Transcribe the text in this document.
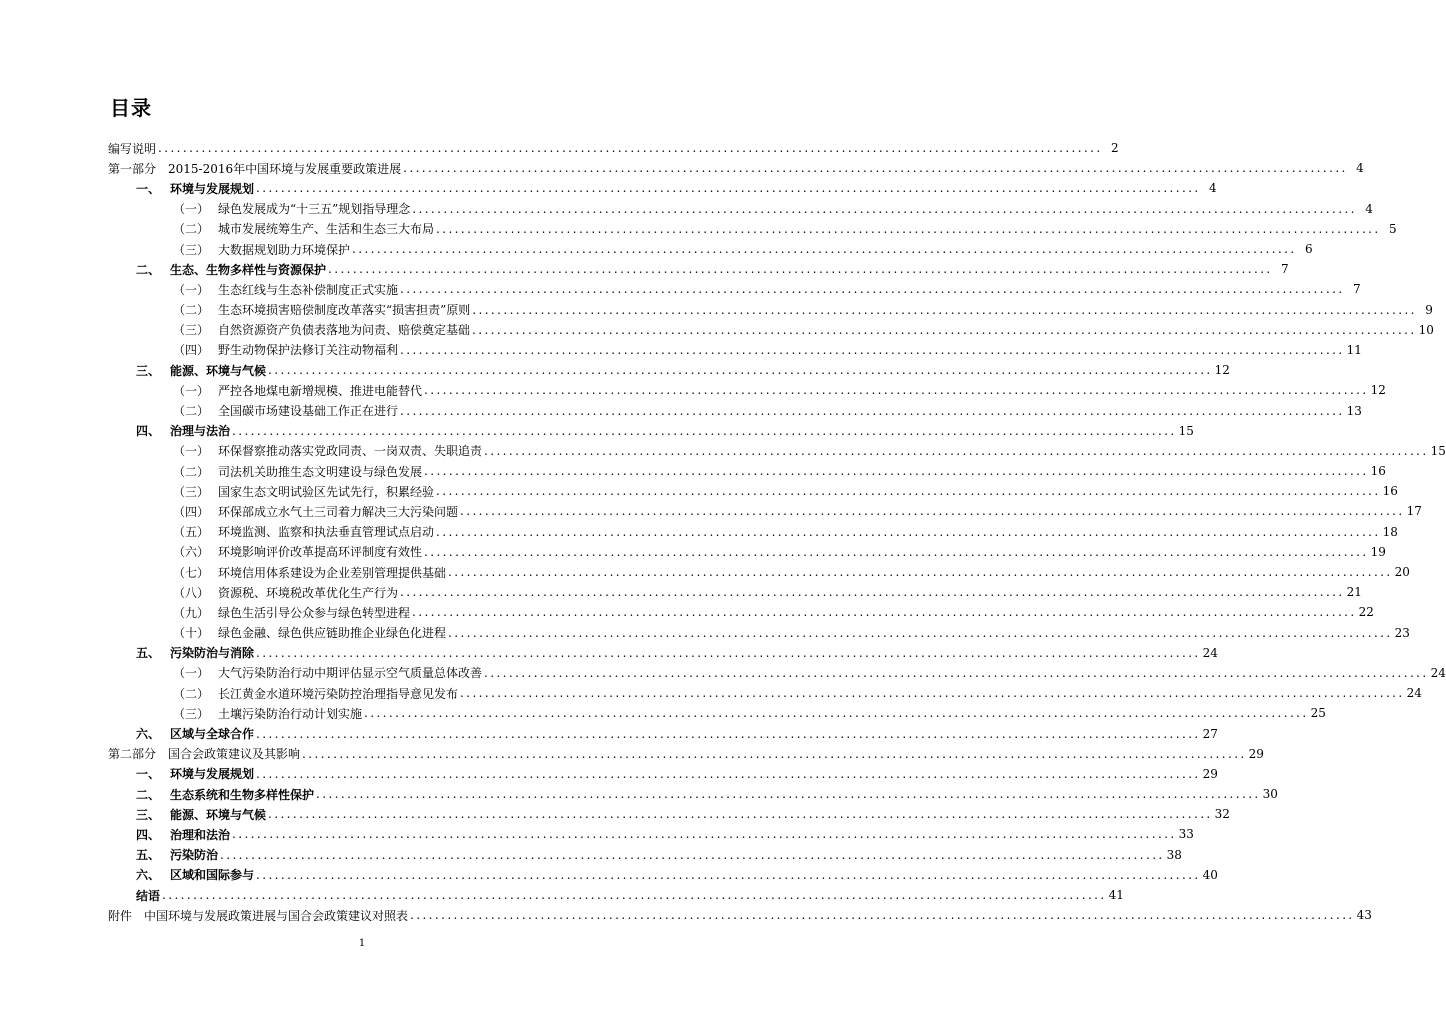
目录
编写说明 .....	2
第一部分 2015-2016年中国环境与发展重要政策进展 .....	4
一、 环境与发展规划 .....	4
（一） 绿色发展成为“十三五”规划指导理念 .....	4
（二） 城市发展统筹生产、生活和生态三大布局 .....	5
（三） 大数据规划助力环境保护 .....	6
二、 生态、生物多样性与资源保护 .....	7
（一） 生态红线与生态补偿制度正式实施 .....	7
（二） 生态环境损害赔偿制度改革落实“损害担责”原则 .....	9
（三） 自然资源资产负债表落地为问责、赔偿奠定基础 .....	10
（四） 野生动物保护法修订关注动物福利 .....	11
三、 能源、环境与气候 .....	12
（一） 严控各地煤电新增规模、推进电能替代 .....	12
（二） 全国碳市场建设基础工作正在进行 .....	13
四、 治理与法治 .....	15
（一） 环保督察推动落实党政同责、一岗双责、失职追责 .....	15
（二） 司法机关助推生态文明建设与绿色发展 .....	16
（三） 国家生态文明试验区先试先行，积累经验 .....	16
（四） 环保部成立水气土三司着力解决三大污染问题 .....	17
（五） 环境监测、监察和执法垂直管理试点启动 .....	18
（六） 环境影响评价改革提高环评制度有效性 .....	19
（七） 环境信用体系建设为企业差别管理提供基础 .....	20
（八） 资源税、环境税改革优化生产行为 .....	21
（九） 绿色生活引导公众参与绿色转型进程 .....	22
（十） 绿色金融、绿色供应链助推企业绿色化进程 .....	23
五、 污染防治与消除 .....	24
（一） 大气污染防治行动中期评估显示空气质量总体改善 .....	24
（二） 长江黄金水道环境污染防控治理指导意见发布 .....	24
（三） 土壤污染防治行动计划实施 .....	25
六、 区域与全球合作 .....	27
第二部分 国合会政策建议及其影响 .....	29
一、 环境与发展规划 .....	29
二、 生态系统和生物多样性保护 .....	30
三、 能源、环境与气候 .....	32
四、 治理和法治 .....	33
五、 污染防治 .....	38
六、 区域和国际参与 .....	40
结语 .....	41
附件 中国环境与发展政策进展与国合会政策建议对照表 .....	43
1
